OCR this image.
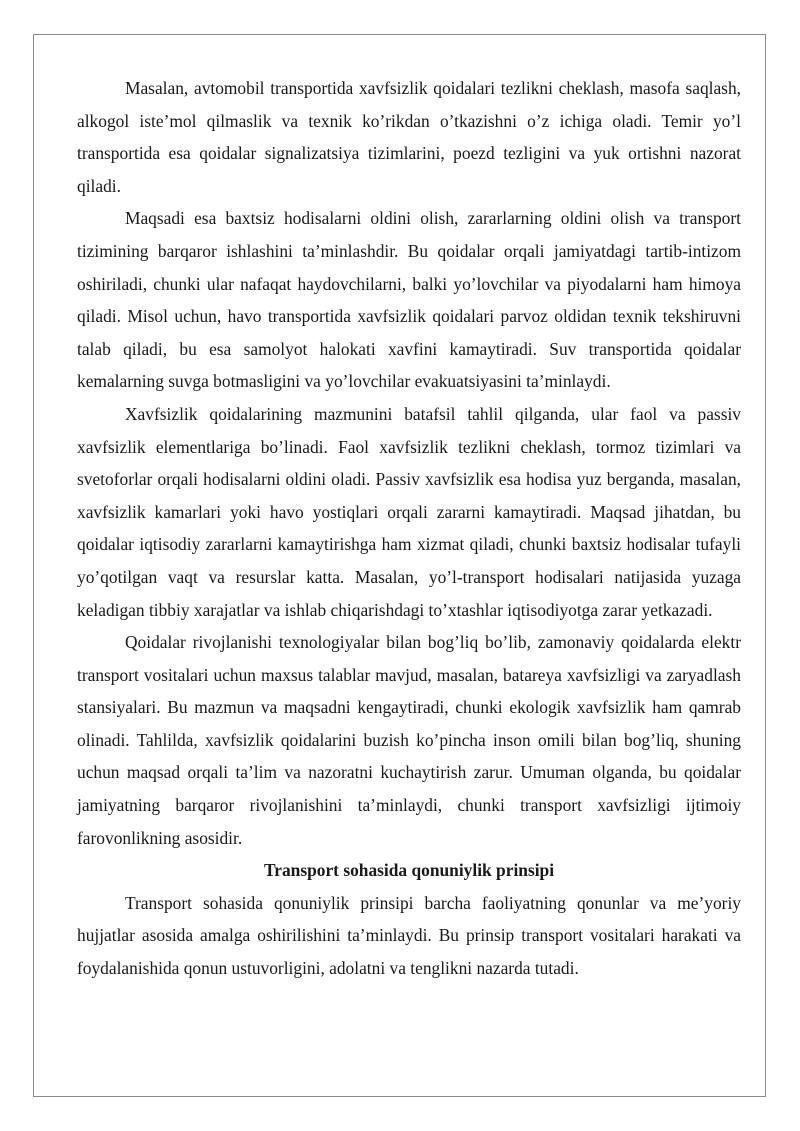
Masalan, avtomobil transportida xavfsizlik qoidalari tezlikni cheklash, masofa saqlash, alkogol iste’mol qilmaslik va texnik ko’rikdan o’tkazishni o’z ichiga oladi. Temir yo’l transportida esa qoidalar signalizatsiya tizimlarini, poezd tezligini va yuk ortishni nazorat qiladi.

Maqsadi esa baxtsiz hodisalarni oldini olish, zararlarning oldini olish va transport tizimining barqaror ishlashini ta’minlashdir. Bu qoidalar orqali jamiyatdagi tartib-intizom oshiriladi, chunki ular nafaqat haydovchilarni, balki yo’lovchilar va piyodalarni ham himoya qiladi. Misol uchun, havo transportida xavfsizlik qoidalari parvoz oldidan texnik tekshiruvni talab qiladi, bu esa samolyot halokati xavfini kamaytiradi. Suv transportida qoidalar kemalarning suvga botmasligini va yo’lovchilar evakuatsiyasini ta’minlaydi.

Xavfsizlik qoidalarining mazmunini batafsil tahlil qilganda, ular faol va passiv xavfsizlik elementlariga bo’linadi. Faol xavfsizlik tezlikni cheklash, tormoz tizimlari va svetoforlar orqali hodisalarni oldini oladi. Passiv xavfsizlik esa hodisa yuz berganda, masalan, xavfsizlik kamarlari yoki havo yostiqlari orqali zararni kamaytiradi. Maqsad jihatdan, bu qoidalar iqtisodiy zararlarni kamaytirishga ham xizmat qiladi, chunki baxtsiz hodisalar tufayli yo’qotilgan vaqt va resurslar katta. Masalan, yo’l-transport hodisalari natijasida yuzaga keladigan tibbiy xarajatlar va ishlab chiqarishdagi to’xtashlar iqtisodiyotga zarar yetkazadi.

Qoidalar rivojlanishi texnologiyalar bilan bog’liq bo’lib, zamonaviy qoidalarda elektr transport vositalari uchun maxsus talablar mavjud, masalan, batareya xavfsizligi va zaryadlash stansiyalari. Bu mazmun va maqsadni kengaytiradi, chunki ekologik xavfsizlik ham qamrab olinadi. Tahlilda, xavfsizlik qoidalarini buzish ko’pincha inson omili bilan bog’liq, shuning uchun maqsad orqali ta’lim va nazoratni kuchaytirish zarur. Umuman olganda, bu qoidalar jamiyatning barqaror rivojlanishini ta’minlaydi, chunki transport xavfsizligi ijtimoiy farovonlikning asosidir.

Transport sohasida qonuniylik prinsipi

Transport sohasida qonuniylik prinsipi barcha faoliyatning qonunlar va me’yoriy hujjatlar asosida amalga oshirilishini ta’minlaydi. Bu prinsip transport vositalari harakati va foydalanishida qonun ustuvorligini, adolatni va tenglikni nazarda tutadi.
